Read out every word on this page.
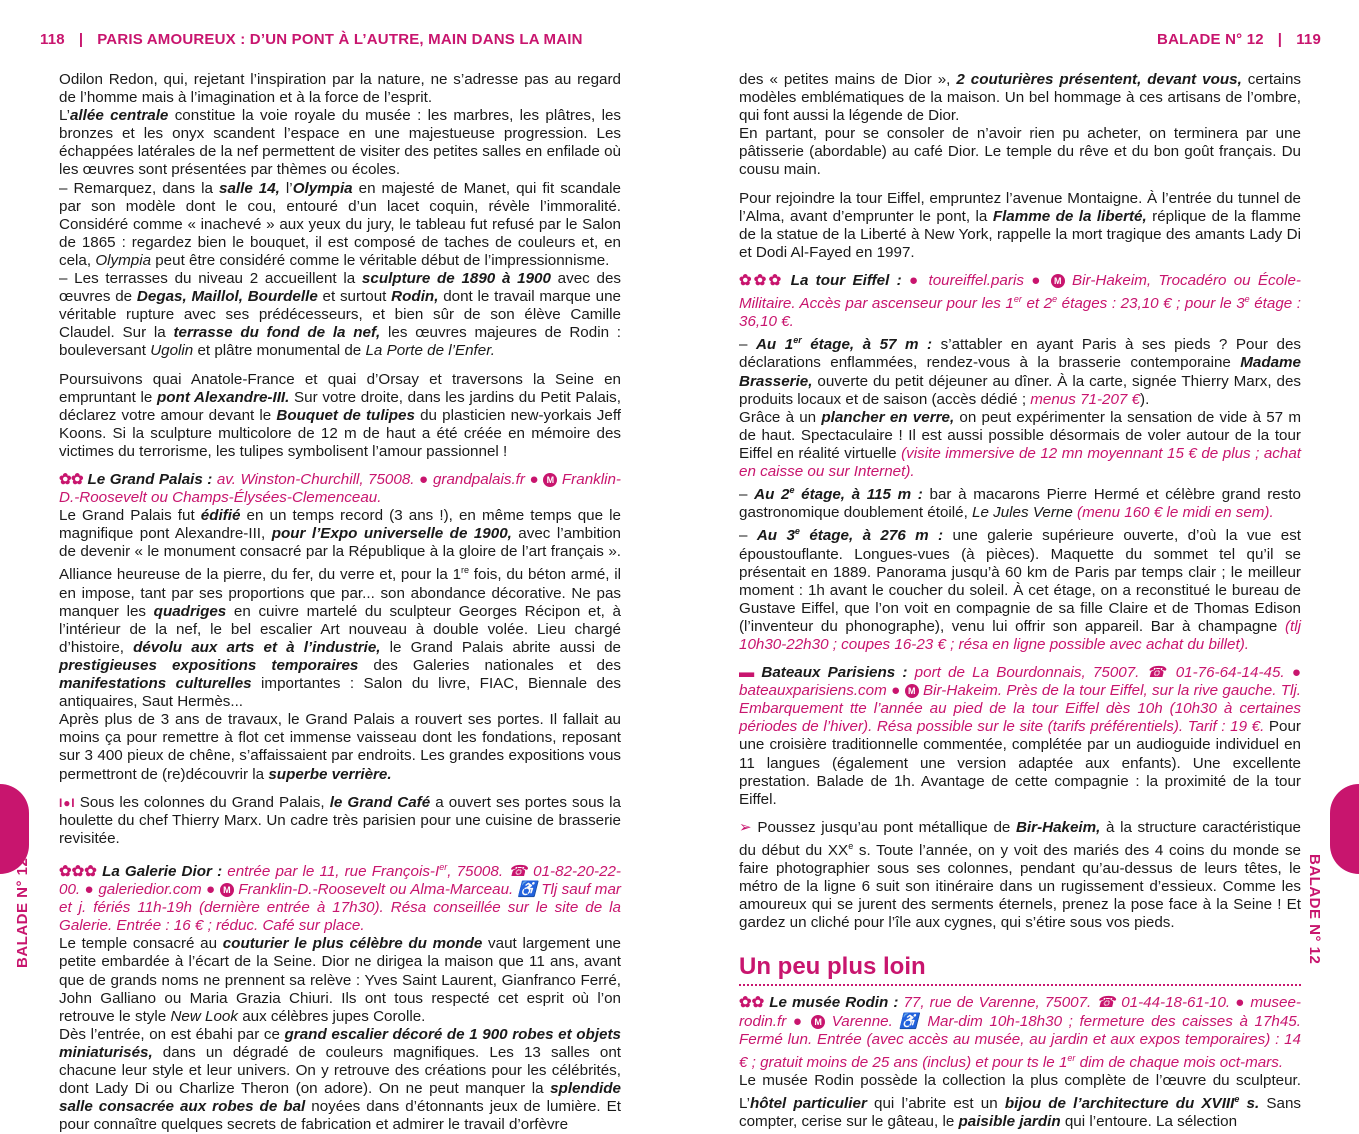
118 | PARIS AMOUREUX : D’UN PONT À L’AUTRE, MAIN DANS LA MAIN

Odilon Redon, qui, rejetant l’inspiration par la nature, ne s’adresse pas au regard de l’homme mais à l’imagination et à la force de l’esprit.

L’allée centrale constitue la voie royale du musée : les marbres, les plâtres, les bronzes et les onyx scandent l’espace en une majestueuse progression. Les échappées latérales de la nef permettent de visiter des petites salles en enfilade où les œuvres sont présentées par thèmes ou écoles.

– Remarquez, dans la salle 14, l’Olympia en majesté de Manet, qui fit scandale par son modèle dont le cou, entouré d’un lacet coquin, révèle l’immoralité. Considéré comme « inachevé » aux yeux du jury, le tableau fut refusé par le Salon de 1865 : regardez bien le bouquet, il est composé de taches de couleurs et, en cela, Olympia peut être considéré comme le véritable début de l’impressionnisme.

– Les terrasses du niveau 2 accueillent la sculpture de 1890 à 1900 avec des œuvres de Degas, Maillol, Bourdelle et surtout Rodin, dont le travail marque une véritable rupture avec ses prédécesseurs, et bien sûr de son élève Camille Claudel. Sur la terrasse du fond de la nef, les œuvres majeures de Rodin : bouleversant Ugolin et plâtre monumental de La Porte de l’Enfer.

Poursuivons quai Anatole-France et quai d’Orsay et traversons la Seine en empruntant le pont Alexandre-III. Sur votre droite, dans les jardins du Petit Palais, déclarez votre amour devant le Bouquet de tulipes du plasticien new-yorkais Jeff Koons. Si la sculpture multicolore de 12 m de haut a été créée en mémoire des victimes du terrorisme, les tulipes symbolisent l’amour passionnel !

✿✿ Le Grand Palais : av. Winston-Churchill, 75008. ● grandpalais.fr ● M Franklin-D.-Roosevelt ou Champs-Élysées-Clemenceau.

Le Grand Palais fut édifié en un temps record (3 ans !), en même temps que le magnifique pont Alexandre-III, pour l’Expo universelle de 1900, avec l’ambition de devenir « le monument consacré par la République à la gloire de l’art français ». Alliance heureuse de la pierre, du fer, du verre et, pour la 1re fois, du béton armé, il en impose, tant par ses proportions que par... son abondance décorative. Ne pas manquer les quadriges en cuivre martelé du sculpteur Georges Récipon et, à l’intérieur de la nef, le bel escalier Art nouveau à double volée. Lieu chargé d’histoire, dévolu aux arts et à l’industrie, le Grand Palais abrite aussi de prestigieuses expositions temporaires des Galeries nationales et des manifestations culturelles importantes : Salon du livre, FIAC, Biennale des antiquaires, Saut Hermès...

Après plus de 3 ans de travaux, le Grand Palais a rouvert ses portes. Il fallait au moins ça pour remettre à flot cet immense vaisseau dont les fondations, reposant sur 3 400 pieux de chêne, s’affaissaient par endroits. Les grandes expositions vous permettront de (re)découvrir la superbe verrière.

I●I Sous les colonnes du Grand Palais, le Grand Café a ouvert ses portes sous la houlette du chef Thierry Marx. Un cadre très parisien pour une cuisine de brasserie revisitée.

✿✿✿ La Galerie Dior : entrée par le 11, rue François-Ier, 75008. ☎ 01-82-20-22-00. ● galeriedior.com ● M Franklin-D.-Roosevelt ou Alma-Marceau. ♿ Tlj sauf mar et j. fériés 11h-19h (dernière entrée à 17h30). Résa conseillée sur le site de la Galerie. Entrée : 16 € ; réduc. Café sur place.

Le temple consacré au couturier le plus célèbre du monde vaut largement une petite embardée à l’écart de la Seine. Dior ne dirigea la maison que 11 ans, avant que de grands noms ne prennent sa relève : Yves Saint Laurent, Gianfranco Ferré, John Galliano ou Maria Grazia Chiuri. Ils ont tous respecté cet esprit où l’on retrouve le style New Look aux célèbres jupes Corolle.

Dès l’entrée, on est ébahi par ce grand escalier décoré de 1 900 robes et objets miniaturisés, dans un dégradé de couleurs magnifiques. Les 13 salles ont chacune leur style et leur univers. On y retrouve des créations pour les célébrités, dont Lady Di ou Charlize Theron (on adore). On ne peut manquer la splendide salle consacrée aux robes de bal noyées dans d’étonnants jeux de lumière. Et pour connaître quelques secrets de fabrication et admirer le travail d’orfèvre

BALADE N° 12
BALADE N° 12 | 119

des « petites mains de Dior », 2 couturières présentent, devant vous, certains modèles emblématiques de la maison. Un bel hommage à ces artisans de l’ombre, qui font aussi la légende de Dior.

En partant, pour se consoler de n’avoir rien pu acheter, on terminera par une pâtisserie (abordable) au café Dior. Le temple du rêve et du bon goût français. Du cousu main.

Pour rejoindre la tour Eiffel, empruntez l’avenue Montaigne. À l’entrée du tunnel de l’Alma, avant d’emprunter le pont, la Flamme de la liberté, réplique de la flamme de la statue de la Liberté à New York, rappelle la mort tragique des amants Lady Di et Dodi Al-Fayed en 1997.

✿✿✿ La tour Eiffel : ● toureiffel.paris ● M Bir-Hakeim, Trocadéro ou École-Militaire. Accès par ascenseur pour les 1er et 2e étages : 23,10 € ; pour le 3e étage : 36,10 €.

– Au 1er étage, à 57 m : s’attabler en ayant Paris à ses pieds ? Pour des déclarations enflammées, rendez-vous à la brasserie contemporaine Madame Brasserie, ouverte du petit déjeuner au dîner. À la carte, signée Thierry Marx, des produits locaux et de saison (accès dédié ; menus 71-207 €).

Grâce à un plancher en verre, on peut expérimenter la sensation de vide à 57 m de haut. Spectaculaire ! Il est aussi possible désormais de voler autour de la tour Eiffel en réalité virtuelle (visite immersive de 12 mn moyennant 15 € de plus ; achat en caisse ou sur Internet).

– Au 2e étage, à 115 m : bar à macarons Pierre Hermé et célèbre grand resto gastronomique doublement étoilé, Le Jules Verne (menu 160 € le midi en sem).

– Au 3e étage, à 276 m : une galerie supérieure ouverte, d’où la vue est époustouflante. Longues-vues (à pièces). Maquette du sommet tel qu’il se présentait en 1889. Panorama jusqu’à 60 km de Paris par temps clair ; le meilleur moment : 1h avant le coucher du soleil. À cet étage, on a reconstitué le bureau de Gustave Eiffel, que l’on voit en compagnie de sa fille Claire et de Thomas Edison (l’inventeur du phonographe), venu lui offrir son appareil. Bar à champagne (tlj 10h30-22h30 ; coupes 16-23 € ; résa en ligne possible avec achat du billet).

▬ Bateaux Parisiens : port de La Bourdonnais, 75007. ☎ 01-76-64-14-45. ● bateauxparisiens.com ● M Bir-Hakeim. Près de la tour Eiffel, sur la rive gauche. Tlj. Embarquement tte l’année au pied de la tour Eiffel dès 10h (10h30 à certaines périodes de l’hiver). Résa possible sur le site (tarifs préférentiels). Tarif : 19 €. Pour une croisière traditionnelle commentée, complétée par un audioguide individuel en 11 langues (également une version adaptée aux enfants). Une excellente prestation. Balade de 1h. Avantage de cette compagnie : la proximité de la tour Eiffel.

➢ Poussez jusqu’au pont métallique de Bir-Hakeim, à la structure caractéristique du début du XXe s. Toute l’année, on y voit des mariés des 4 coins du monde se faire photographier sous ses colonnes, pendant qu’au-dessus de leurs têtes, le métro de la ligne 6 suit son itinéraire dans un rugissement d’essieux. Comme les amoureux qui se jurent des serments éternels, prenez la pose face à la Seine ! Et gardez un cliché pour l’île aux cygnes, qui s’étire sous vos pieds.

Un peu plus loin

✿✿ Le musée Rodin : 77, rue de Varenne, 75007. ☎ 01-44-18-61-10. ● musee-rodin.fr ● M Varenne. ♿ Mar-dim 10h-18h30 ; fermeture des caisses à 17h45. Fermé lun. Entrée (avec accès au musée, au jardin et aux expos temporaires) : 14 € ; gratuit moins de 25 ans (inclus) et pour ts le 1er dim de chaque mois oct-mars.

Le musée Rodin possède la collection la plus complète de l’œuvre du sculpteur. L’hôtel particulier qui l’abrite est un bijou de l’architecture du XVIIIe s. Sans compter, cerise sur le gâteau, le paisible jardin qui l’entoure. La sélection

BALADE N° 12
